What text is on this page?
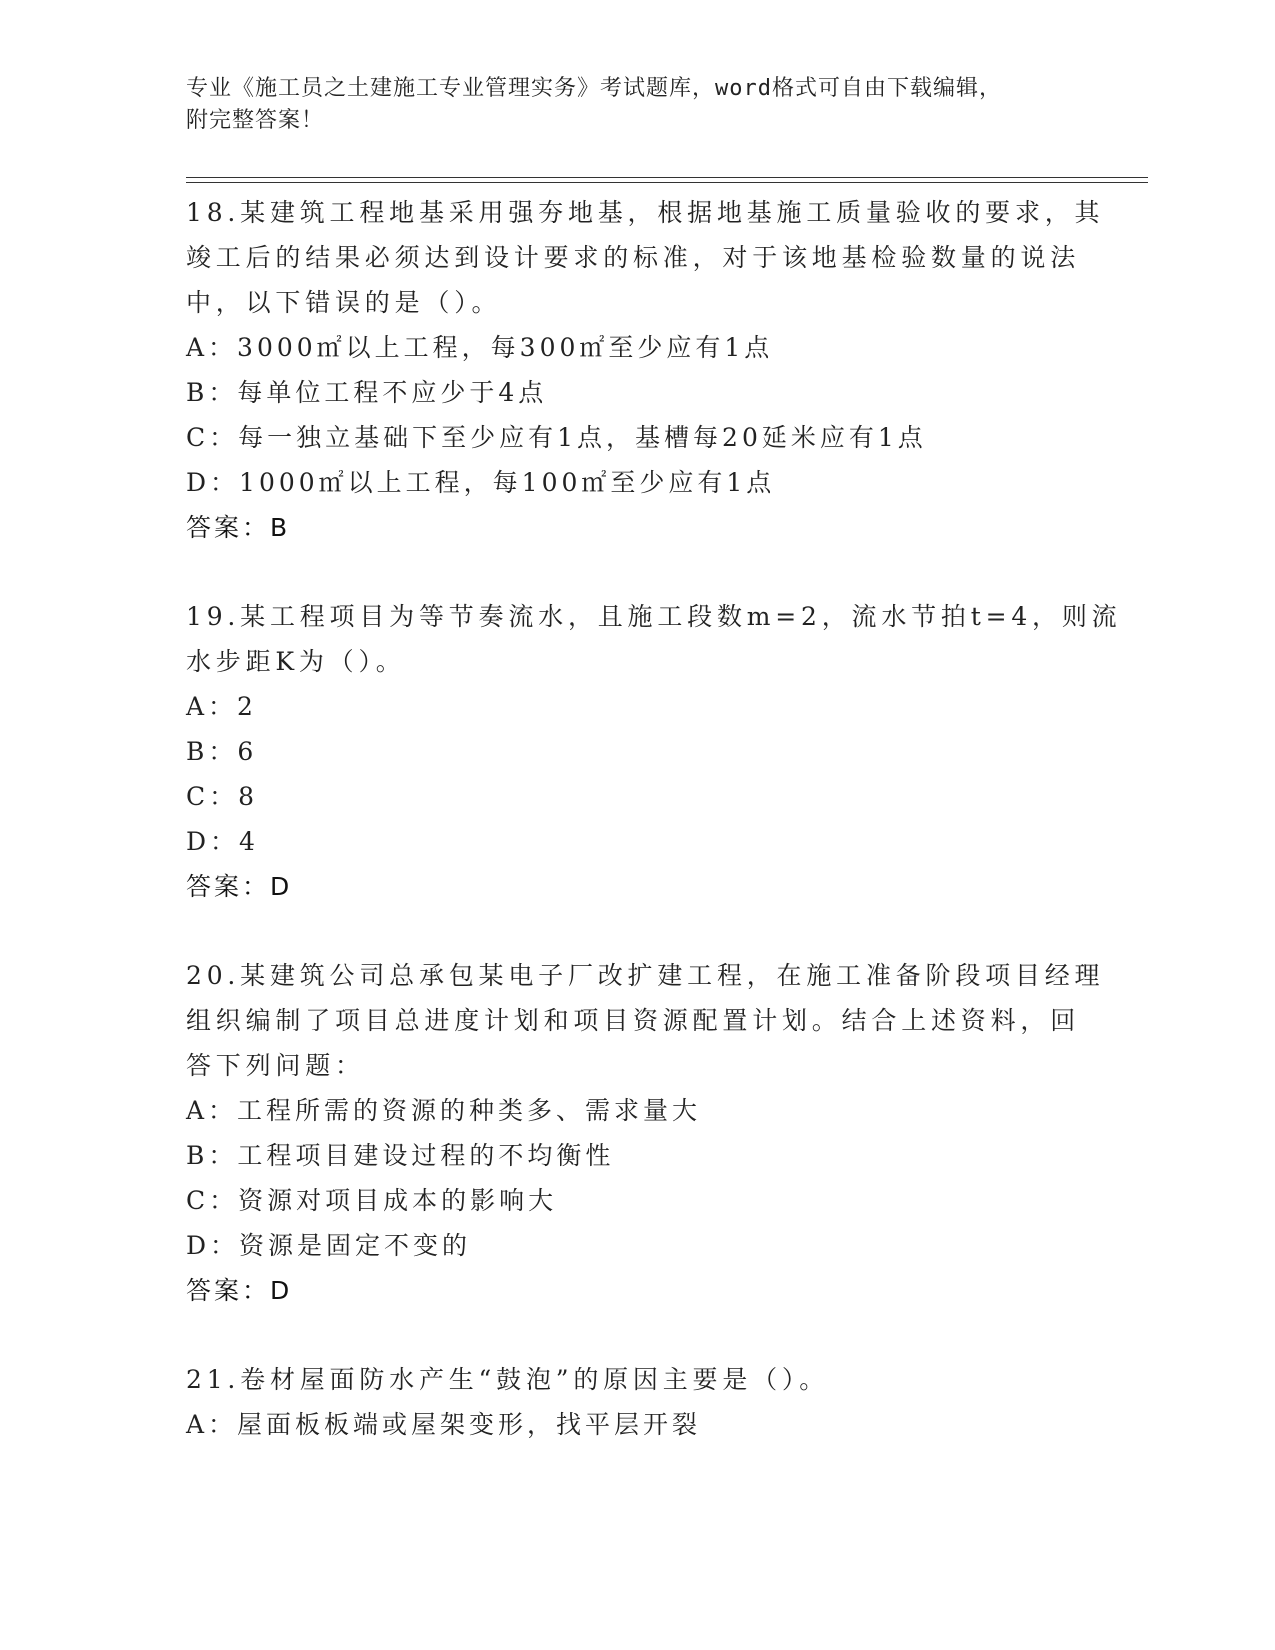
专业《施工员之土建施工专业管理实务》考试题库，word格式可自由下载编辑，
附完整答案！
18.某建筑工程地基采用强夯地基，根据地基施工质量验收的要求，其
竣工后的结果必须达到设计要求的标准，对于该地基检验数量的说法
中，以下错误的是（）。
A：3000㎡以上工程，每300㎡至少应有1点
B：每单位工程不应少于4点
C：每一独立基础下至少应有1点，基槽每20延米应有1点
D：1000㎡以上工程，每100㎡至少应有1点
答案：B
19.某工程项目为等节奏流水，且施工段数m=2，流水节拍t=4，则流
水步距K为（）。
A：2
B：6
C：8
D：4
答案：D
20.某建筑公司总承包某电子厂改扩建工程，在施工准备阶段项目经理
组织编制了项目总进度计划和项目资源配置计划。结合上述资料，回
答下列问题：
A：工程所需的资源的种类多、需求量大
B：工程项目建设过程的不均衡性
C：资源对项目成本的影响大
D：资源是固定不变的
答案：D
21.卷材屋面防水产生“鼓泡”的原因主要是（）。
A：屋面板板端或屋架变形，找平层开裂
